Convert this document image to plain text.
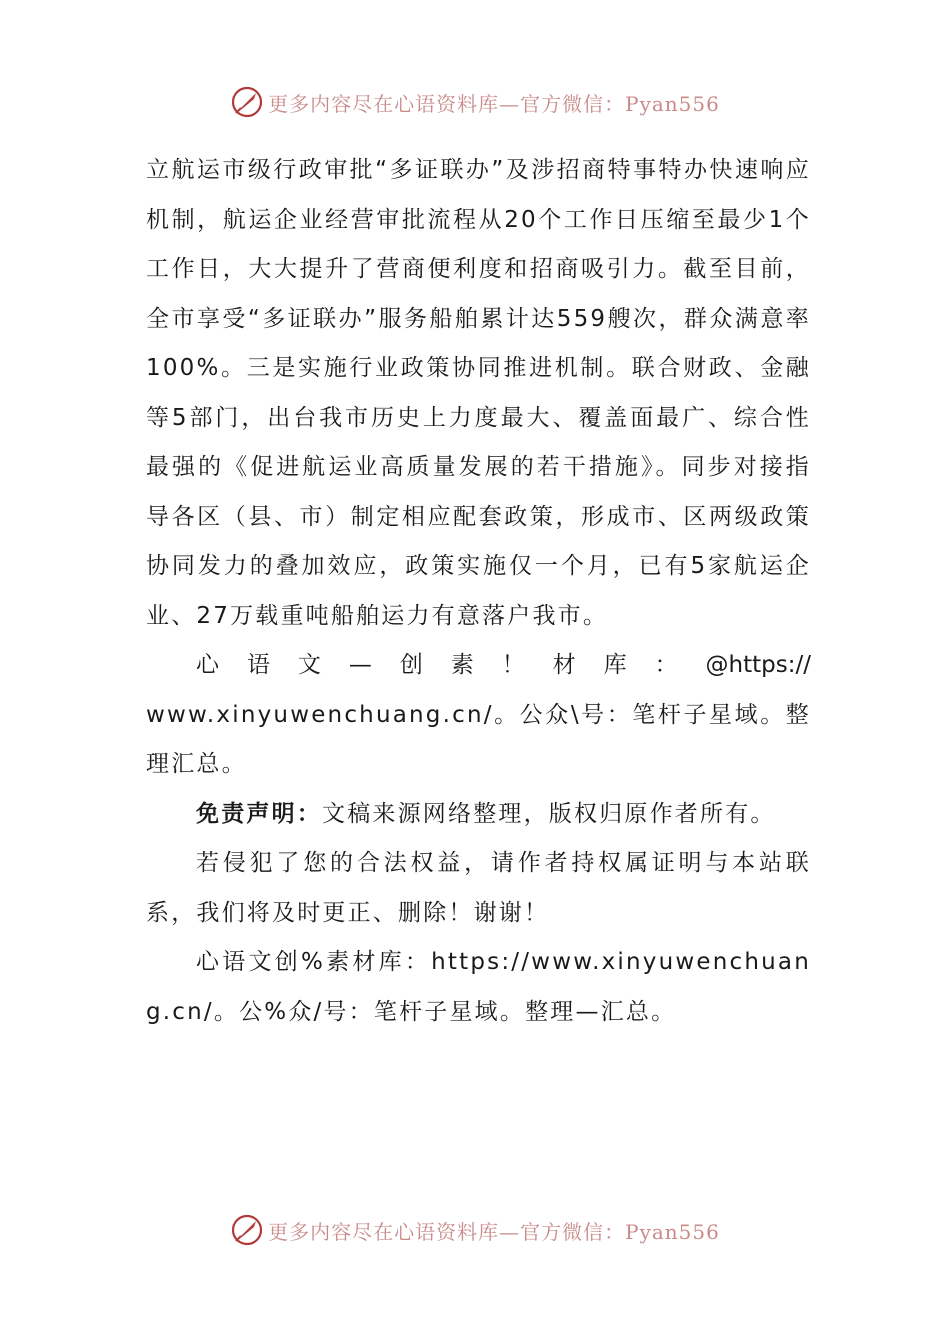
更多内容尽在心语资料库—官方微信：Pyan556

立航运市级行政审批“多证联办”及涉招商特事特办快速响应机制，航运企业经营审批流程从20个工作日压缩至最少1个工作日，大大提升了营商便利度和招商吸引力。截至目前，全市享受“多证联办”服务船舶累计达559艘次，群众满意率100%。三是实施行业政策协同推进机制。联合财政、金融等5部门，出台我市历史上力度最大、覆盖面最广、综合性最强的《促进航运业高质量发展的若干措施》。同步对接指导各区（县、市）制定相应配套政策，形成市、区两级政策协同发力的叠加效应，政策实施仅一个月，已有5家航运企业、27万载重吨船舶运力有意落户我市。

心语文—创素！材库：@https://

www.xinyuwenchuang.cn/。公众\号：笔杆子星域。整理汇总。

免责声明：文稿来源网络整理，版权归原作者所有。

若侵犯了您的合法权益，请作者持权属证明与本站联系，我们将及时更正、删除！谢谢！

心语文创%素材库：https://www.xinyuwenchuang.cn/。公%众/号：笔杆子星域。整理—汇总。

更多内容尽在心语资料库—官方微信：Pyan556
